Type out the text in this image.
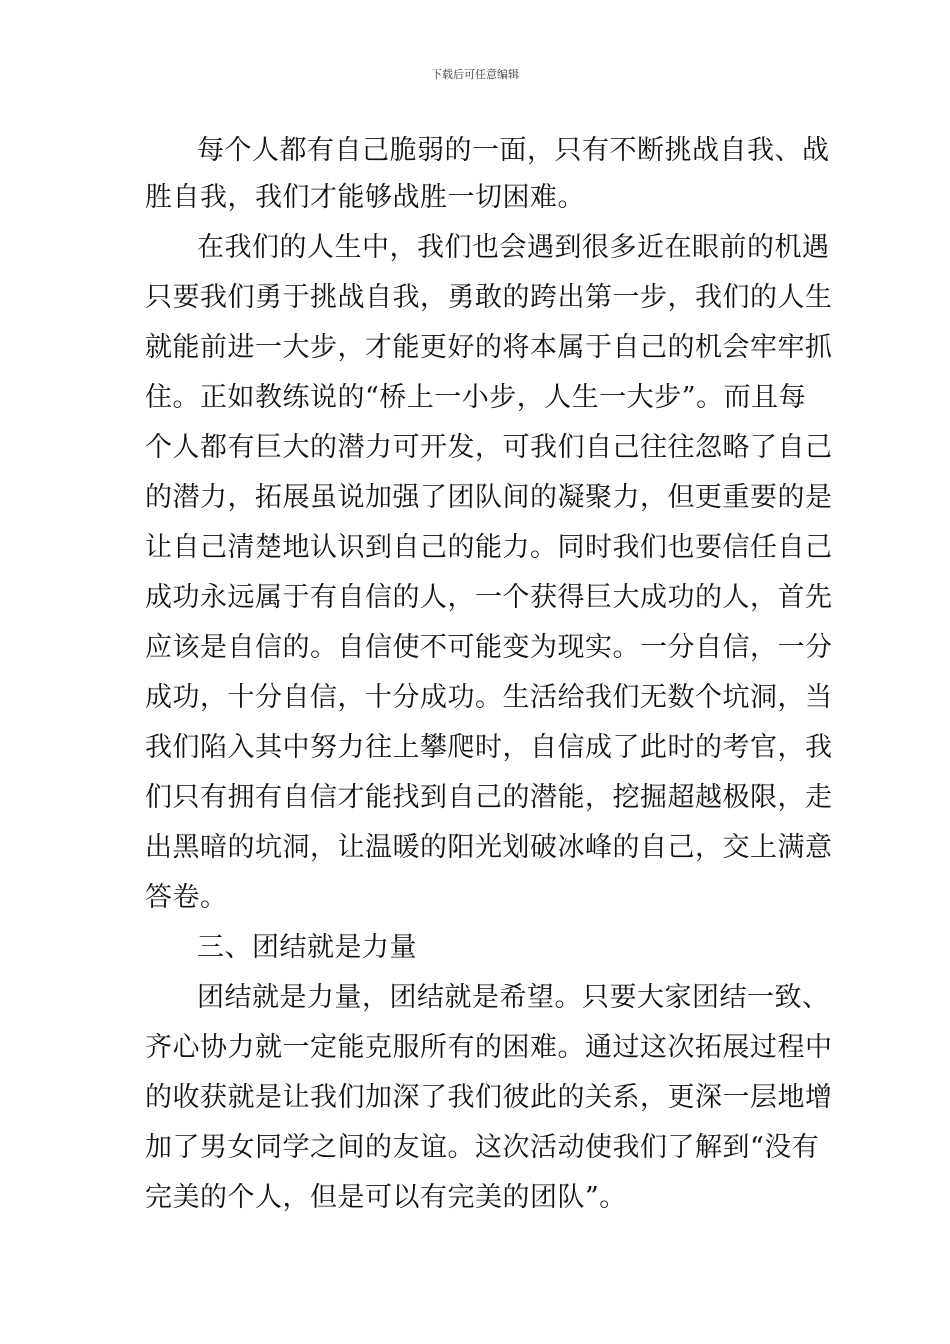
下载后可任意编辑
每个人都有自己脆弱的一面，只有不断挑战自我、战
胜自我，我们才能够战胜一切困难。
在我们的人生中，我们也会遇到很多近在眼前的机遇
只要我们勇于挑战自我，勇敢的跨出第一步，我们的人生
就能前进一大步，才能更好的将本属于自己的机会牢牢抓
住。正如教练说的“桥上一小步，人生一大步”。而且每
个人都有巨大的潜力可开发，可我们自己往往忽略了自己
的潜力，拓展虽说加强了团队间的凝聚力，但更重要的是
让自己清楚地认识到自己的能力。同时我们也要信任自己
成功永远属于有自信的人，一个获得巨大成功的人，首先
应该是自信的。自信使不可能变为现实。一分自信，一分
成功，十分自信，十分成功。生活给我们无数个坑洞，当
我们陷入其中努力往上攀爬时，自信成了此时的考官，我
们只有拥有自信才能找到自己的潜能，挖掘超越极限，走
出黑暗的坑洞，让温暖的阳光划破冰峰的自己，交上满意
答卷。
三、团结就是力量
团结就是力量，团结就是希望。只要大家团结一致、
齐心协力就一定能克服所有的困难。通过这次拓展过程中
的收获就是让我们加深了我们彼此的关系，更深一层地增
加了男女同学之间的友谊。这次活动使我们了解到“没有
完美的个人，但是可以有完美的团队”。
